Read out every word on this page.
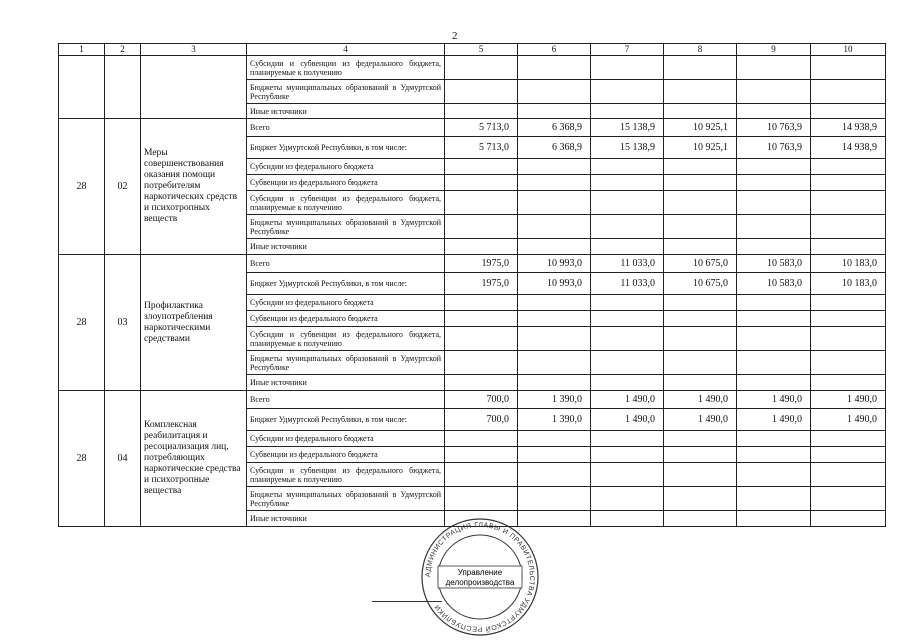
2
1	2	3	4	5	6	7	8	9	10
			Субсидии и субвенции из федерального бюджета, планируемые к получению						
			Бюджеты муниципальных образований в Удмуртской Республике						
			Иные источники						
28	02	Меры совершенствования оказания помощи потребителям наркотических средств и психотропных веществ	Всего	5 713,0	6 368,9	15 138,9	10 925,1	10 763,9	14 938,9
			Бюджет Удмуртской Республики, в том числе:	5 713,0	6 368,9	15 138,9	10 925,1	10 763,9	14 938,9
			Субсидии из федерального бюджета						
			Субвенции из федерального бюджета						
			Субсидии и субвенции из федерального бюджета, планируемые к получению						
			Бюджеты муниципальных образований в Удмуртской Республике						
			Иные источники						
28	03	Профилактика злоупотребления наркотическими средствами	Всего	1975,0	10 993,0	11 033,0	10 675,0	10 583,0	10 183,0
			Бюджет Удмуртской Республики, в том числе:	1975,0	10 993,0	11 033,0	10 675,0	10 583,0	10 183,0
			Субсидии из федерального бюджета						
			Субвенции из федерального бюджета						
			Субсидии и субвенции из федерального бюджета, планируемые к получению						
			Бюджеты муниципальных образований в Удмуртской Республике						
			Иные источники						
28	04	Комплексная реабилитация и ресоциализация лиц, потребляющих наркотические средства и психотропные вещества	Всего	700,0	1 390,0	1 490,0	1 490,0	1 490,0	1 490,0
			Бюджет Удмуртской Республики, в том числе:	700,0	1 390,0	1 490,0	1 490,0	1 490,0	1 490,0
			Субсидии из федерального бюджета						
			Субвенции из федерального бюджета						
			Субсидии и субвенции из федерального бюджета, планируемые к получению						
			Бюджеты муниципальных образований в Удмуртской Республике						
			Иные источники						
АДМИНИСТРАЦИЯ ГЛАВЫ И ПРАВИТЕЛЬСТВА УДМУРТСКОЙ РЕСПУБЛИКИ
Управление
делопроизводства
